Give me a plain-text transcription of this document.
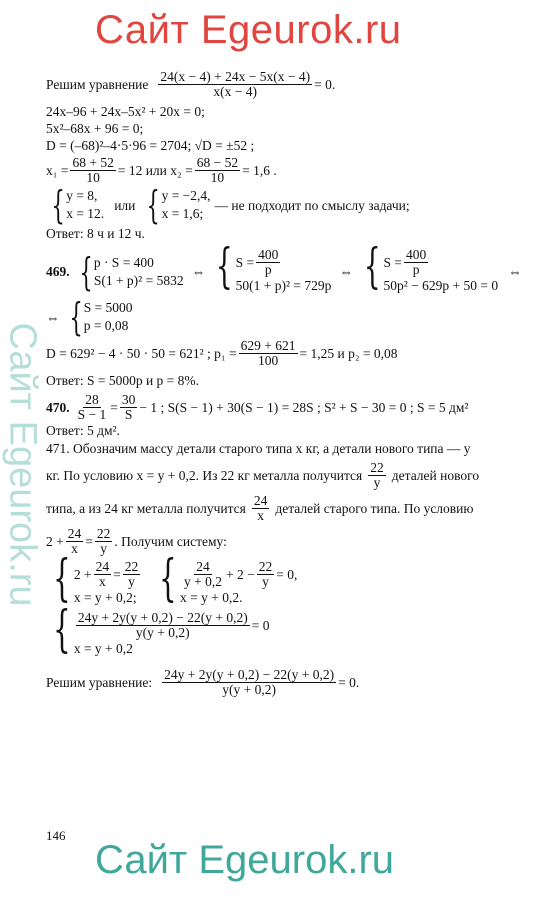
Сайт Egeurok.ru
Сайт Egeurok.ru
Сайт Egeurok.ru
Решим уравнение $\frac{24(x - 4) + 24x - 5x(x - 4)}{x(x - 4)} = 0$.
24x–96 + 24x–5x² + 20x = 0;
5x²–68x + 96 = 0;
D = (–68)²–4·5·96 = 2704; √D = ±52 ;
$x_1 = \frac{68 + 52}{10} = 12$ или $x_2 = \frac{68 - 52}{10} = 1,6$ .
{ y = 8,
x = 12.
или { y = −2,4,
x = 1,6;
— не подходит по смыслу задачи;
Ответ: 8 ч и 12 ч.
469. { p · S = 400
S(1 + p)² = 5832
⇔ { $S = \frac{400}{p}$
50(1 + p)² = 729p
⇔ { $S = \frac{400}{p}$
50p² − 629p + 50 = 0
⇔
⇔ { S = 5000
p = 0,08
D = 629² − 4 · 50 · 50 = 621² ; $p_1 = \frac{629 + 621}{100} = 1,25$ и p₂ = 0,08
Ответ: S = 5000р и p = 8%.
470. $\frac{28}{S - 1} = \frac{30}{S} - 1$ ; S(S − 1) + 30(S − 1) = 28S ; S² + S − 30 = 0 ; S = 5 дм²
Ответ: 5 дм².

471. Обозначим массу детали старого типа x кг, а детали нового типа — y

кг. По условию x = y + 0,2. Из 22 кг металла получится $\frac{22}{y}$ деталей нового
типа, а из 24 кг металла получится $\frac{24}{x}$ деталей старого типа. По условию
$2 + \frac{24}{x} = \frac{22}{y}$ . Получим систему:
{ $2 + \frac{24}{x} = \frac{22}{y}$
x = y + 0,2; { $\frac{24}{y + 0,2} + 2 - \frac{22}{y} = 0$,
x = y + 0,2.
{ $\frac{24y + 2y(y + 0,2) - 22(y + 0,2)}{y(y + 0,2)} = 0$
x = y + 0,2
Решим уравнение: $\frac{24y + 2y(y + 0,2) - 22(y + 0,2)}{y(y + 0,2)} = 0$.
146
